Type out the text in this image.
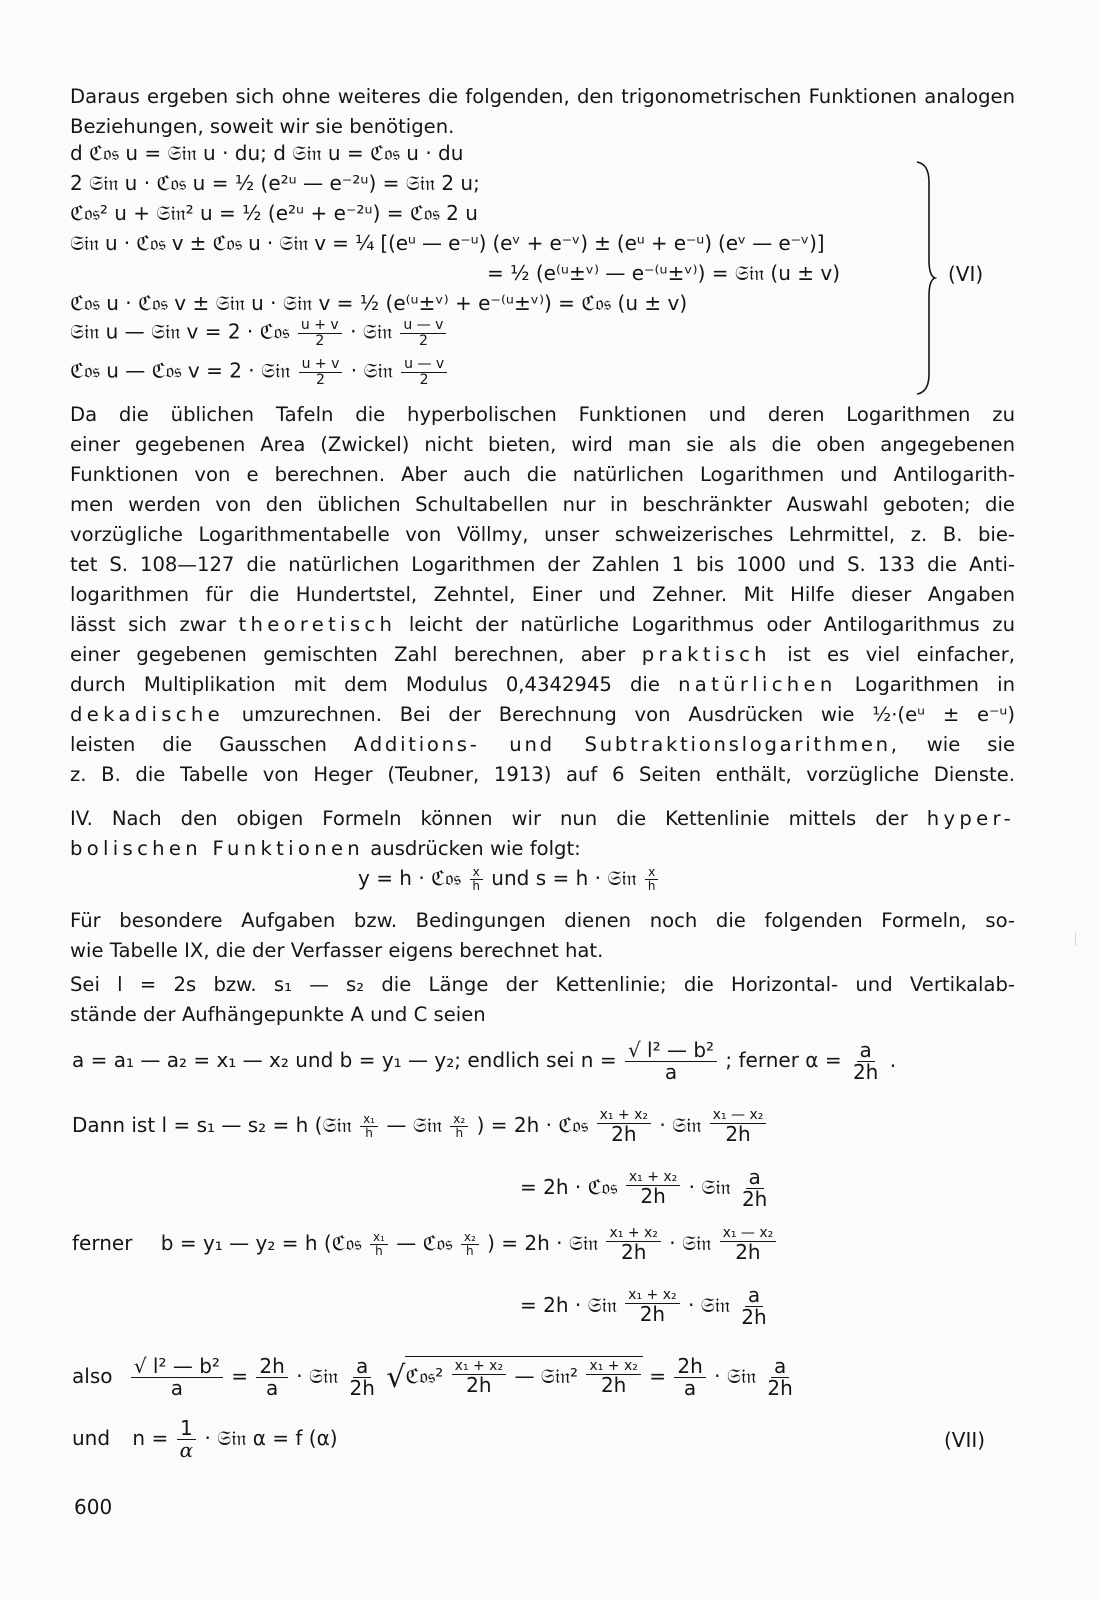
Daraus ergeben sich ohne weiteres die folgenden, den trigonometrischen Funktionen analogen Beziehungen, soweit wir sie benötigen.
d ℭ𝔬𝔰 u = 𝔖𝔦𝔫 u · du; d 𝔖𝔦𝔫 u = ℭ𝔬𝔰 u · du
2 𝔖𝔦𝔫 u · ℭ𝔬𝔰 u = ½ (e²ᵘ — e⁻²ᵘ) = 𝔖𝔦𝔫 2 u;
ℭ𝔬𝔰² u + 𝔖𝔦𝔫² u = ½ (e²ᵘ + e⁻²ᵘ) = ℭ𝔬𝔰 2 u
𝔖𝔦𝔫 u · ℭ𝔬𝔰 v ± ℭ𝔬𝔰 u · 𝔖𝔦𝔫 v = ¼ [(eᵘ — e⁻ᵘ) (eᵛ + e⁻ᵛ) ± (eᵘ + e⁻ᵘ) (eᵛ — e⁻ᵛ)]
= ½ (e⁽ᵘ±ᵛ⁾ — e⁻⁽ᵘ±ᵛ⁾) = 𝔖𝔦𝔫 (u ± v)
ℭ𝔬𝔰 u · ℭ𝔬𝔰 v ± 𝔖𝔦𝔫 u · 𝔖𝔦𝔫 v = ½ (e⁽ᵘ±ᵛ⁾ + e⁻⁽ᵘ±ᵛ⁾) = ℭ𝔬𝔰 (u ± v)
𝔖𝔦𝔫 u — 𝔖𝔦𝔫 v = 2 · ℭ𝔬𝔰 $\frac{u + v}{2}$ · 𝔖𝔦𝔫 $\frac{u — v}{2}$
ℭ𝔬𝔰 u — ℭ𝔬𝔰 v = 2 · 𝔖𝔦𝔫 $\frac{u + v}{2}$ · 𝔖𝔦𝔫 $\frac{u — v}{2}$
(VI)
Da die üblichen Tafeln die hyperbolischen Funktionen und deren Logarithmen zu
einer gegebenen Area (Zwickel) nicht bieten, wird man sie als die oben angegebenen
Funktionen von e berechnen. Aber auch die natürlichen Logarithmen und Antilogarith-
men werden von den üblichen Schultabellen nur in beschränkter Auswahl geboten; die
vorzügliche Logarithmentabelle von Völlmy, unser schweizerisches Lehrmittel, z. B. bie-
tet S. 108—127 die natürlichen Logarithmen der Zahlen 1 bis 1000 und S. 133 die Anti-
logarithmen für die Hundertstel, Zehntel, Einer und Zehner. Mit Hilfe dieser Angaben
lässt sich zwar theoretisch leicht der natürliche Logarithmus oder Antilogarithmus zu
einer gegebenen gemischten Zahl berechnen, aber praktisch ist es viel einfacher,
durch Multiplikation mit dem Modulus 0,4342945 die natürlichen Logarithmen in
dekadische umzurechnen. Bei der Berechnung von Ausdrücken wie ½·(eᵘ ± e⁻ᵘ)
leisten die Gausschen Additions- und Subtraktionslogarithmen, wie sie
z. B. die Tabelle von Heger (Teubner, 1913) auf 6 Seiten enthält, vorzügliche Dienste.
IV. Nach den obigen Formeln können wir nun die Kettenlinie mittels der hyper-
bolischen Funktionen ausdrücken wie folgt:
y = h · ℭ𝔬𝔰 $\frac{x}{h}$ und s = h · 𝔖𝔦𝔫 $\frac{x}{h}$
Für besondere Aufgaben bzw. Bedingungen dienen noch die folgenden Formeln, so-
wie Tabelle IX, die der Verfasser eigens berechnet hat.
Sei l = 2s bzw. s₁ — s₂ die Länge der Kettenlinie; die Horizontal- und Vertikalab-
stände der Aufhängepunkte A und C seien
a = a₁ — a₂ = x₁ — x₂ und b = y₁ — y₂; endlich sei $n = \frac{\text{√ l² — b²}}{a}$ ; ferner $\alpha = \frac{a}{2h}$ .
Dann ist l = s₁ — s₂ = h (𝔖𝔦𝔫 $\frac{\text{x₁}}{h}$ — 𝔖𝔦𝔫 $\frac{\text{x₂}}{h}$ ) = 2h · ℭ𝔬𝔰 $\frac{\text{x₁ + x₂}}{2h}$ · 𝔖𝔦𝔫 $\frac{\text{x₁ — x₂}}{2h}$
= 2h · ℭ𝔬𝔰 $\frac{\text{x₁ + x₂}}{2h}$ · 𝔖𝔦𝔫 $\frac{a}{2h}$
ferner b = y₁ — y₂ = h (ℭ𝔬𝔰 $\frac{\text{x₁}}{h}$ — ℭ𝔬𝔰 $\frac{\text{x₂}}{h}$ ) = 2h · 𝔖𝔦𝔫 $\frac{\text{x₁ + x₂}}{2h}$ · 𝔖𝔦𝔫 $\frac{\text{x₁ — x₂}}{2h}$
= 2h · 𝔖𝔦𝔫 $\frac{\text{x₁ + x₂}}{2h}$ · 𝔖𝔦𝔫 $\frac{a}{2h}$
also $\frac{\text{√ l² — b²}}{a} = \frac{2h}{a}$ · 𝔖𝔦𝔫 $\frac{a}{2h}$ √ℭ𝔬𝔰² $\frac{\text{x₁ + x₂}}{2h}$ — 𝔖𝔦𝔫² $\frac{\text{x₁ + x₂}}{2h} = \frac{2h}{a}$ · 𝔖𝔦𝔫 $\frac{a}{2h}$
und $n = \frac{1}{\alpha}$ · 𝔖𝔦𝔫 α = f (α)	(VII)
600
